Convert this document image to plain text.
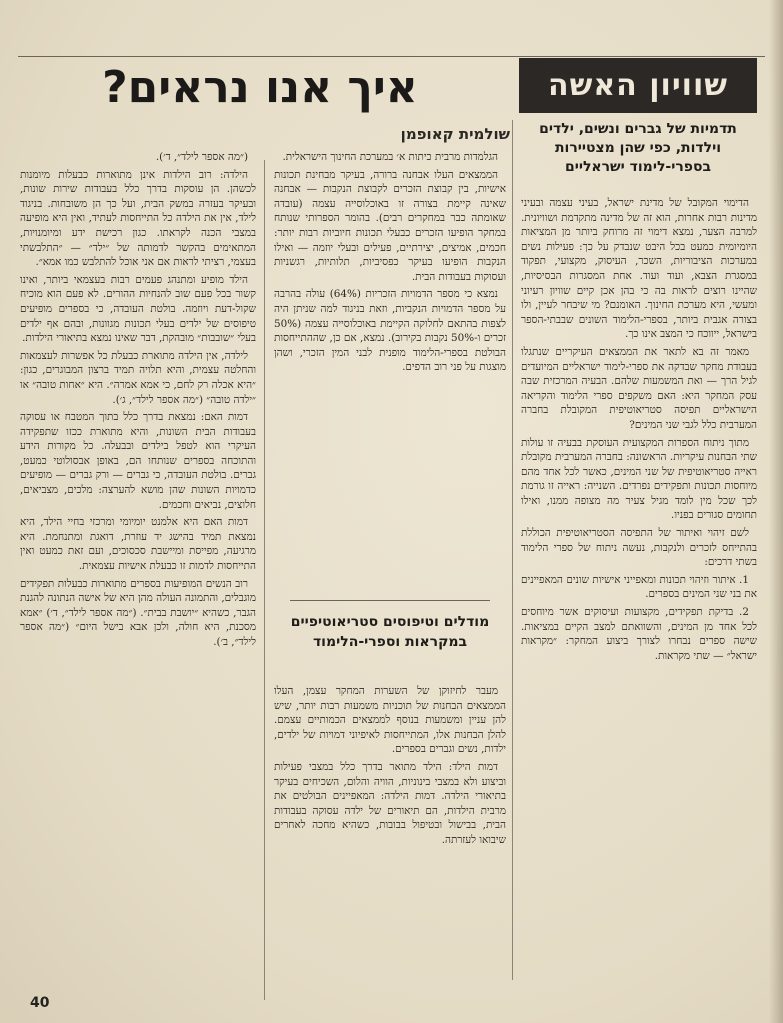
שוויון האשה
איך אנו נראים?
שולמית קאופמן	תדמיות של גברים ונשים, ילדים וילדות, כפי שהן מצטיירות בספרי-לימוד ישראליים

הדימוי המקובל של מדינת ישראל, בעיני עצמה ובעיני מדינות רבות אחרות, הוא זה של מדינה מתקדמת ושוויונית. למרבה הצער, נמצא דימוי זה מרוחק ביותר מן המציאות היומיומית כמעט בכל היבט שנבדק על כך: פעילות נשים במערכות הציבוריות, השכר, העיסוק, מקצועי, תפקוד במסגרת הצבא, ועוד ועוד. אחת המסגרות הבסיסיות, שהיינו רוצים לראות בה כי בהן אכן קיים שוויון רעיוני ומעשי, היא מערכת החינוך. האומנם? מי שיבחר לעיין, ולו בצורה אגבית ביותר, בספרי-הלימוד השונים שבבתי-הספר בישראל, ייווכח כי המצב אינו כך.

מאמר זה בא לתאר את הממצאים העיקריים שנתגלו בעבודת מחקר שבדקה את ספרי-לימוד ישראליים המיועדים לגיל הרך — ואת המשמעות שלהם. הבעיה המרכזית שבה עסק המחקר היא: האם משקפים ספרי הלימוד והקריאה הישראליים תפיסה סטריאוטיפית המקובלת בחברה המערבית כלל לגבי שני המינים?

מתוך ניתוח הספרות המקצועית העוסקת בבעיה זו עולות שתי הבחנות עיקריות. הראשונה: בחברה המערבית מקובלת ראייה סטריאוטיפית של שני המינים, כאשר לכל אחד מהם מיוחסות תכונות ותפקידים נפרדים. השנייה: ראייה זו גורמת לכך שכל מין לומד מגיל צעיר מה מצופה ממנו, ואילו תחומים סגורים בפניו.

לשם זיהוי ואיתור של התפיסה הסטריאוטיפית הכוללת בהתייחס לזכרים ולנקבות, נעשה ניתוח של ספרי הלימוד בשתי דרכים:

1. איתור וזיהוי תכונות ומאפייני אישיות שונים המאפיינים את בני שני המינים בספרים.

2. בדיקת תפקידים, מקצועות ועיסוקים אשר מיוחסים לכל אחד מן המינים, והשוואתם למצב הקיים במציאות. שישה ספרים נבחרו לצורך ביצוע המחקר: ״מקראות ישראל״ — שתי מקראות.

הגלמדות מרבית כיתות א׳ במערכת החינוך הישראלית.

הממצאים העלו אבחנה ברורה, בעיקר מבחינת תכונות אישיות, בין קבוצת הזכרים לקבוצת הנקבות — אבחנה שאינה קיימת בצורה זו באוכלוסייה עצמה (עובדה שאומתה כבר במחקרים רבים). בהומר הספרותי שנותח במחקר הופיעו הזכרים כבעלי תכונות חיוביות רבות יותר: חכמים, אמיצים, יצירתיים, פעילים ובעלי יוזמה — ואילו הנקבות הופיעו בעיקר כפסיביות, תלותיות, רגשניות ועסוקות בעבודות הבית.

נמצא כי מספר הדמויות הזכריות (64%) עולה בהרבה על מספר הדמויות הנקביות, וזאת בניגוד למה שניתן היה לצפות בהתאם לחלוקה הקיימת באוכלוסייה עצמה (50% זכרים ו-50% נקבות בקירוב). נמצא, אם כן, שההתייחסות הבולטת בספרי-הלימוד מופנית לבני המין הזכרי, ושהן מוצגות על פני רוב הדפים.

מודלים וטיפוסים סטריאוטיפיים במקראות וספרי-הלימוד

מעבר לחיזוקן של השערות המחקר עצמן, העלו הממצאים הבחנות של תוכניות משמעות רבות יותר, שיש להן עניין ומשמעות בנוסף לממצאים הכמותיים עצמם. להלן הבחנות אלו, המתייחסות לאיפיוני דמויות של ילדים, ילדות, נשים וגברים בספרים.

דמות הילד: הילד מתואר בדרך כלל במצבי פעילות וביצוע ולא במצבי בינוניות, הוויה והלום, השכיחים בעיקר בתיאורי הילדה. דמות הילדה: המאפיינים הבולטים את מרבית הילדות, הם תיאורים של ילדה עסוקה בעבודות הבית, בבישול ובטיפול בבובות, כשהיא מחכה לאחרים שיבואו לעזרתה.

(״מה אספר לילד״, ד׳).

הילדה: רוב הילדות אינן מתוארות כבעלות מיומנות לכשהן. הן עוסקות בדרך כלל בעבודות שירות שונות, ובעיקר בעזרה במשק הבית, ועל כך הן משובחות. בניגוד לילד, אין את הילדה כל התייחסות לעתיד, ואין היא מופיעה במצבי הכנה לקראתו. כגון רכישת ידע ומיומנויות, המתאימים בהקשר לדמותה של ״ילד״ — ״התלבשתי בעצמי, רציתי לראות אם אני אוכל להתלבש כמו אמא״.

הילד מופיע ומתנהג פעמים רבות בעצמאי ביותר, ואינו קשור בכל פעם שוב להנחיות ההורים. לא פעם הוא מוכיח שקול-דעת ויוזמה. בולטת העובדה, כי בספרים מופיעים טיפוסים של ילדים בעלי תכונות מגוונות, ובהם אף ילדים בעלי ״שובבות״ מובהקת, דבר שאינו נמצא בתיאורי הילדות.

לילדה, אין הילדה מתוארת כבעלת כל אפשרות לעצמאות והחלטה עצמית, והיא תלויה תמיד ברצון המבוגרים, כגון: ״היא אכלה רק לחם, כי אמא אמרה״. היא ״אחות טובה״ או ״ילדה טובה״ (״מה אספר לילד״, ג׳).

דמות האם: נמצאת בדרך כלל בתוך המטבח או עסוקה בעבודות הבית השונות, והיא מתוארת ככזו שתפקידה העיקרי הוא לטפל בילדים ובבעלה. כל מקורות הידע והתוכחה בספרים שנותחו הם, באופן אבסולוטי כמעט, גברים. בולטת העובדה, כי גברים — ורק גברים — מופיעים כדמויות השונות שהן מושא להערצה: מלכים, מצביאים, חלוצים, נביאים וחכמים.

דמות האם היא אלמנט יומיומי ומרכזי בחיי הילד, היא נמצאת תמיד בהישג יד עוזרת, דואגת ומתנחמת. היא מרגיעה, מפייסת ומיישבת סכסוכים, ועם זאת כמעט ואין התייחסות לדמות זו כבעלת אישיות עצמאית.

רוב הנשים המופיעות בספרים מתוארות כבעלות תפקידים מוגבלים, והתמונה העולה מהן היא של אישה הנתונה להגנת הגבר, כשהיא ״יושבת בבית״. (״מה אספר לילד״, ד׳) ״אמא מסכנת, היא חולה, ולכן אבא בישל היום״ (״מה אספר לילד״, ב׳).

40
